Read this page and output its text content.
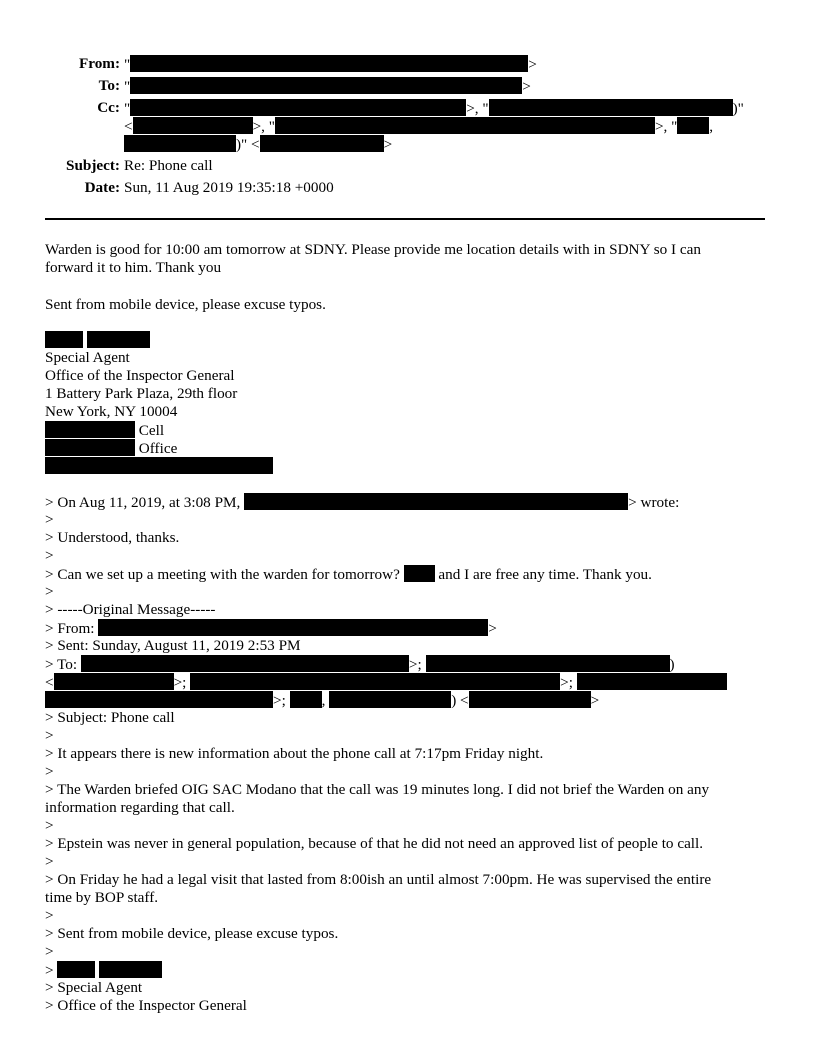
From: "	>
To: "	>
Cc: "	>, "	)"
<	>, "	>, " ,
)" <	>
Subject: Re: Phone call
Date: Sun, 11 Aug 2019 19:35:18 +0000
Warden is good for 10:00 am tomorrow at SDNY. Please provide me location details with in SDNY so I can
forward it to him. Thank you
Sent from mobile device, please excuse typos.

Special Agent
Office of the Inspector General
1 Battery Park Plaza, 29th floor
New York, NY 10004
Cell
Office
> On Aug 11, 2019, at 3:08 PM,	> wrote:
>
> Understood, thanks.
>
> Can we set up a meeting with the warden for tomorrow?	and I are free any time. Thank you.
>
> -----Original Message-----
> From:	>
> Sent: Sunday, August 11, 2019 2:53 PM
> To:	>;	)
<	>;	>;
>; ,	) <	>
> Subject: Phone call
>
> It appears there is new information about the phone call at 7:17pm Friday night.
>
> The Warden briefed OIG SAC Modano that the call was 19 minutes long. I did not brief the Warden on any
information regarding that call.
>
> Epstein was never in general population, because of that he did not need an approved list of people to call.
>
> On Friday he had a legal visit that lasted from 8:00ish an until almost 7:00pm. He was supervised the entire
time by BOP staff.
>
> Sent from mobile device, please excuse typos.
>
>
> Special Agent
> Office of the Inspector General
